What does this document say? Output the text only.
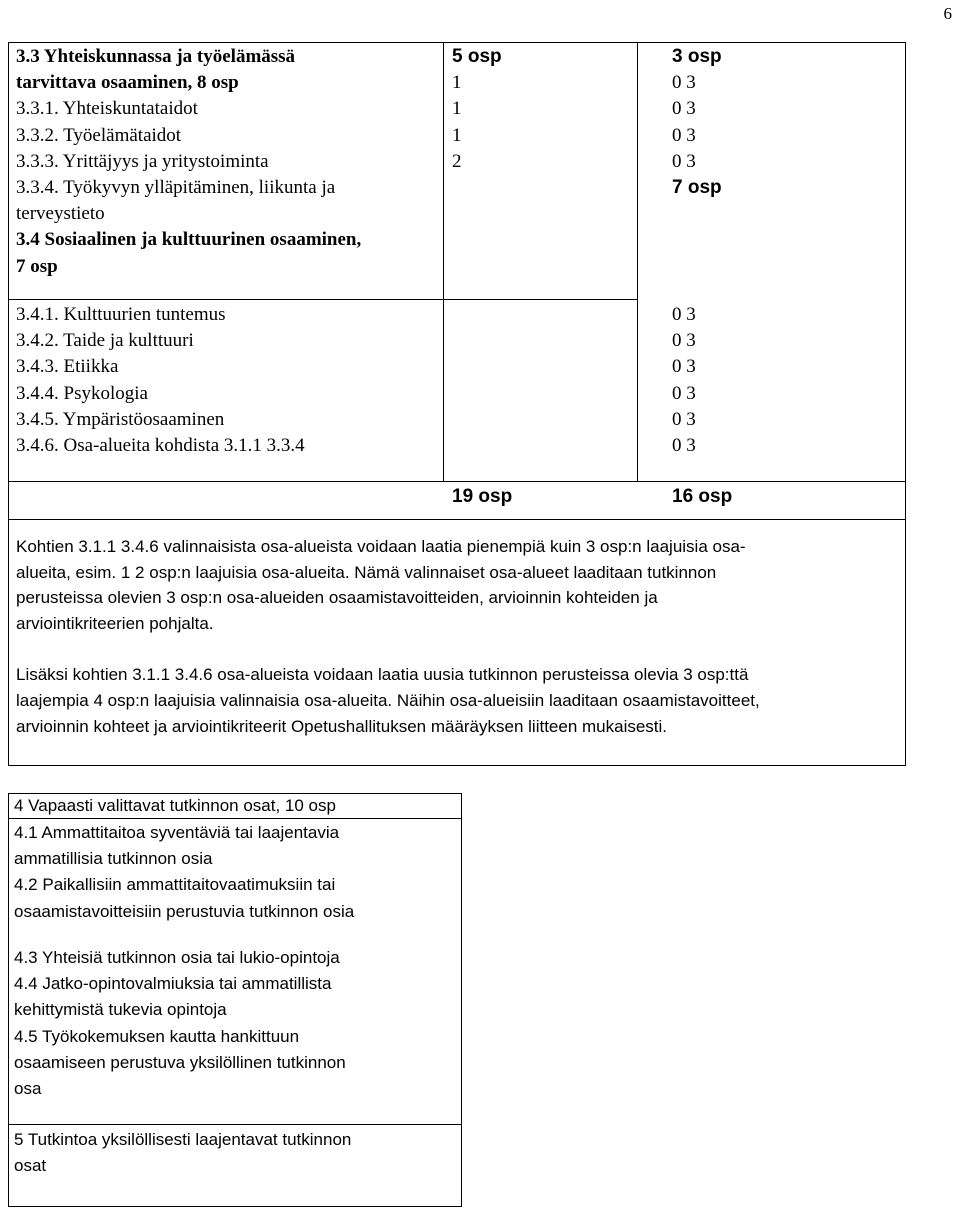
6
3.3 Yhteiskunnassa ja työelämässä
tarvittava osaaminen, 8 osp
3.3.1. Yhteiskuntataidot
3.3.2. Työelämätaidot
3.3.3. Yrittäjyys ja yritystoiminta
3.3.4. Työkyvyn ylläpitäminen, liikunta ja
terveystieto
3.4 Sosiaalinen ja kulttuurinen osaaminen,
7 osp
3.4.1. Kulttuurien tuntemus
3.4.2. Taide ja kulttuuri
3.4.3. Etiikka
3.4.4. Psykologia
3.4.5. Ympäristöosaaminen
3.4.6. Osa-alueita kohdista 3.1.1 3.3.4
5 osp
1
1
1
2
3 osp
0 3
0 3
0 3
0 3
7 osp
0 3
0 3
0 3
0 3
0 3
0 3
19 osp	16 osp
Kohtien 3.1.1 3.4.6 valinnaisista osa-alueista voidaan laatia pienempiä kuin 3 osp:n laajuisia osa-
alueita, esim. 1 2 osp:n laajuisia osa-alueita. Nämä valinnaiset osa-alueet laaditaan tutkinnon
perusteissa olevien 3 osp:n osa-alueiden osaamistavoitteiden, arvioinnin kohteiden ja
arviointikriteerien pohjalta.
Lisäksi kohtien 3.1.1 3.4.6 osa-alueista voidaan laatia uusia tutkinnon perusteissa olevia 3 osp:ttä
laajempia 4 osp:n laajuisia valinnaisia osa-alueita. Näihin osa-alueisiin laaditaan osaamistavoitteet,
arvioinnin kohteet ja arviointikriteerit Opetushallituksen määräyksen liitteen mukaisesti.
4 Vapaasti valittavat tutkinnon osat, 10 osp
4.1 Ammattitaitoa syventäviä tai laajentavia
ammatillisia tutkinnon osia
4.2 Paikallisiin ammattitaitovaatimuksiin tai
osaamistavoitteisiin perustuvia tutkinnon osia
4.3 Yhteisiä tutkinnon osia tai lukio-opintoja
4.4 Jatko-opintovalmiuksia tai ammatillista
kehittymistä tukevia opintoja
4.5 Työkokemuksen kautta hankittuun
osaamiseen perustuva yksilöllinen tutkinnon
osa
5 Tutkintoa yksilöllisesti laajentavat tutkinnon
osat
